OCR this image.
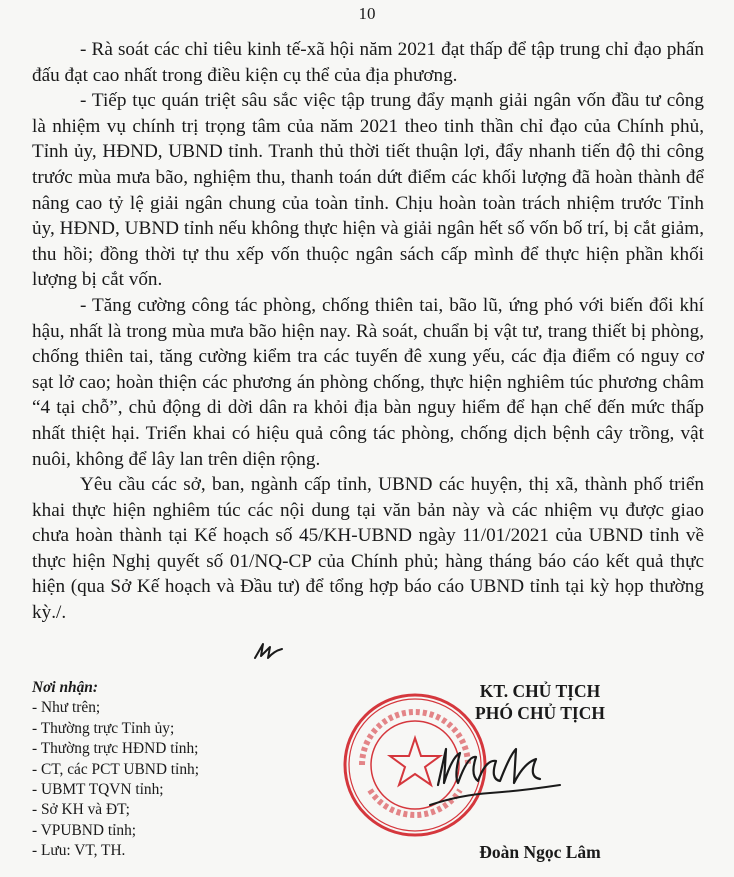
10

- Rà soát các chỉ tiêu kinh tế-xã hội năm 2021 đạt thấp để tập trung chỉ đạo phấn đấu đạt cao nhất trong điều kiện cụ thể của địa phương.

- Tiếp tục quán triệt sâu sắc việc tập trung đẩy mạnh giải ngân vốn đầu tư công là nhiệm vụ chính trị trọng tâm của năm 2021 theo tinh thần chỉ đạo của Chính phủ, Tỉnh ủy, HĐND, UBND tỉnh. Tranh thủ thời tiết thuận lợi, đẩy nhanh tiến độ thi công trước mùa mưa bão, nghiệm thu, thanh toán dứt điểm các khối lượng đã hoàn thành để nâng cao tỷ lệ giải ngân chung của toàn tỉnh. Chịu hoàn toàn trách nhiệm trước Tỉnh ủy, HĐND, UBND tỉnh nếu không thực hiện và giải ngân hết số vốn bố trí, bị cắt giảm, thu hồi; đồng thời tự thu xếp vốn thuộc ngân sách cấp mình để thực hiện phần khối lượng bị cắt vốn.

- Tăng cường công tác phòng, chống thiên tai, bão lũ, ứng phó với biến đổi khí hậu, nhất là trong mùa mưa bão hiện nay. Rà soát, chuẩn bị vật tư, trang thiết bị phòng, chống thiên tai, tăng cường kiểm tra các tuyến đê xung yếu, các địa điểm có nguy cơ sạt lở cao; hoàn thiện các phương án phòng chống, thực hiện nghiêm túc phương châm “4 tại chỗ”, chủ động di dời dân ra khỏi địa bàn nguy hiểm để hạn chế đến mức thấp nhất thiệt hại. Triển khai có hiệu quả công tác phòng, chống dịch bệnh cây trồng, vật nuôi, không để lây lan trên diện rộng.

Yêu cầu các sở, ban, ngành cấp tỉnh, UBND các huyện, thị xã, thành phố triển khai thực hiện nghiêm túc các nội dung tại văn bản này và các nhiệm vụ được giao chưa hoàn thành tại Kế hoạch số 45/KH-UBND ngày 11/01/2021 của UBND tỉnh về thực hiện Nghị quyết số 01/NQ-CP của Chính phủ; hàng tháng báo cáo kết quả thực hiện (qua Sở Kế hoạch và Đầu tư) để tổng hợp báo cáo UBND tỉnh tại kỳ họp thường kỳ./.

Nơi nhận:
- Như trên;
- Thường trực Tỉnh ủy;
- Thường trực HĐND tỉnh;
- CT, các PCT UBND tỉnh;
- UBMT TQVN tỉnh;
- Sở KH và ĐT;
- VPUBND tỉnh;
- Lưu: VT, TH.
KT. CHỦ TỊCH
PHÓ CHỦ TỊCH
Đoàn Ngọc Lâm
